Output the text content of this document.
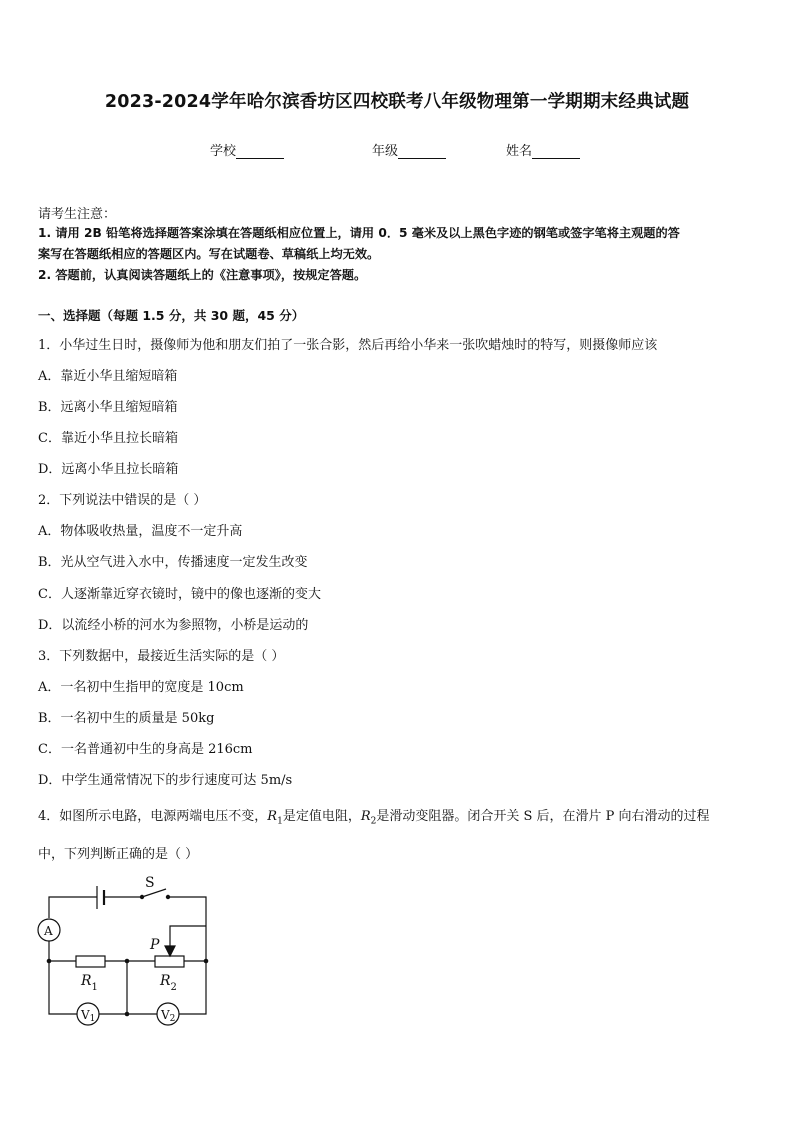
2023-2024学年哈尔滨香坊区四校联考八年级物理第一学期期末经典试题
学校	年级	姓名
请考生注意：
1. 请用 2B 铅笔将选择题答案涂填在答题纸相应位置上，请用 0．5 毫米及以上黑色字迹的钢笔或签字笔将主观题的答
案写在答题纸相应的答题区内。写在试题卷、草稿纸上均无效。
2. 答题前，认真阅读答题纸上的《注意事项》，按规定答题。
一、选择题（每题 1.5 分，共 30 题，45 分）
1．小华过生日时，摄像师为他和朋友们拍了一张合影，然后再给小华来一张吹蜡烛时的特写，则摄像师应该
A．靠近小华且缩短暗箱
B．远离小华且缩短暗箱
C．靠近小华且拉长暗箱
D．远离小华且拉长暗箱
2．下列说法中错误的是（ ）
A．物体吸收热量，温度不一定升高
B．光从空气进入水中，传播速度一定发生改变
C．人逐渐靠近穿衣镜时，镜中的像也逐渐的变大
D．以流经小桥的河水为参照物，小桥是运动的
3．下列数据中，最接近生活实际的是（ ）
A．一名初中生指甲的宽度是 10cm
B．一名初中生的质量是 50kg
C．一名普通初中生的身高是 216cm
D．中学生通常情况下的步行速度可达 5m/s
4．如图所示电路，电源两端电压不变，$R_1$是定值电阻，$R_2$是滑动变阻器。闭合开关 S 后，在滑片 P 向右滑动的过程
中，下列判断正确的是（ ）
S
A
P
$R_1$	$R_2$
V1	V2
